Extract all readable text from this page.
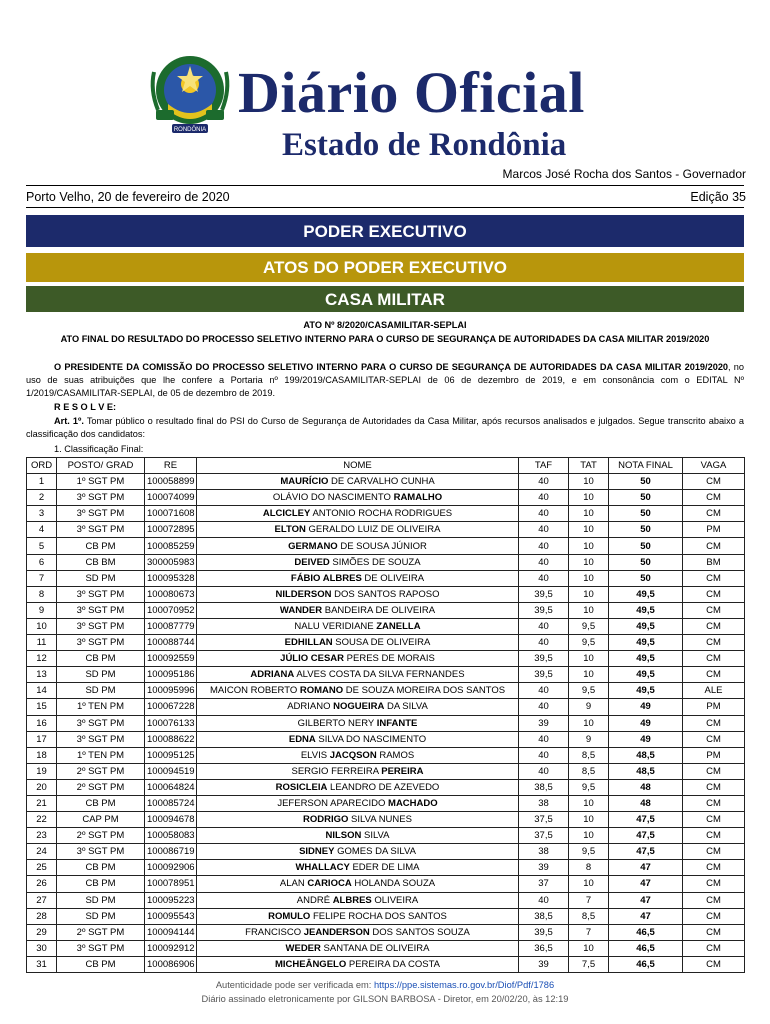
RONDÔNIA
Diário Oficial
Estado de Rondônia
Marcos José Rocha dos Santos - Governador
Porto Velho, 20 de fevereiro de 2020	Edição 35
PODER EXECUTIVO
ATOS DO PODER EXECUTIVO
CASA MILITAR
ATO Nº 8/2020/CASAMILITAR-SEPLAI
ATO FINAL DO RESULTADO DO PROCESSO SELETIVO INTERNO PARA O CURSO DE SEGURANÇA DE AUTORIDADES DA CASA MILITAR 2019/2020
O PRESIDENTE DA COMISSÃO DO PROCESSO SELETIVO INTERNO PARA O CURSO DE SEGURANÇA DE AUTORIDADES DA CASA MILITAR 2019/2020, no uso de suas atribuições que lhe confere a Portaria nº 199/2019/CASAMILITAR-SEPLAI de 06 de dezembro de 2019, e em consonância com o EDITAL Nº 1/2019/CASAMILITAR-SEPLAI, de 05 de dezembro de 2019.
R E S O L V E:
Art. 1º. Tomar público o resultado final do PSI do Curso de Segurança de Autoridades da Casa Militar, após recursos analisados e julgados. Segue transcrito abaixo a classificação dos candidatos:
1. Classificação Final:
ORD	POSTO/ GRAD	RE	NOME	TAF	TAT	NOTA FINAL	VAGA
1	1º SGT PM	100058899	MAURÍCIO DE CARVALHO CUNHA	40	10	50	CM
2	3º SGT PM	100074099	OLÁVIO DO NASCIMENTO RAMALHO	40	10	50	CM
3	3º SGT PM	100071608	ALCICLEY ANTONIO ROCHA RODRIGUES	40	10	50	CM
4	3º SGT PM	100072895	ELTON GERALDO LUIZ DE OLIVEIRA	40	10	50	PM
5	CB PM	100085259	GERMANO DE SOUSA JÚNIOR	40	10	50	CM
6	CB BM	300005983	DEIVED SIMÕES DE SOUZA	40	10	50	BM
7	SD PM	100095328	FÁBIO ALBRES DE OLIVEIRA	40	10	50	CM
8	3º SGT PM	100080673	NILDERSON DOS SANTOS RAPOSO	39,5	10	49,5	CM
9	3º SGT PM	100070952	WANDER BANDEIRA DE OLIVEIRA	39,5	10	49,5	CM
10	3º SGT PM	100087779	NALU VERIDIANE ZANELLA	40	9,5	49,5	CM
11	3º SGT PM	100088744	EDHILLAN SOUSA DE OLIVEIRA	40	9,5	49,5	CM
12	CB PM	100092559	JÚLIO CESAR PERES DE MORAIS	39,5	10	49,5	CM
13	SD PM	100095186	ADRIANA ALVES COSTA DA SILVA FERNANDES	39,5	10	49,5	CM
14	SD PM	100095996	MAICON ROBERTO ROMANO DE SOUZA MOREIRA DOS SANTOS	40	9,5	49,5	ALE
15	1º TEN PM	100067228	ADRIANO NOGUEIRA DA SILVA	40	9	49	PM
16	3º SGT PM	100076133	GILBERTO NERY INFANTE	39	10	49	CM
17	3º SGT PM	100088622	EDNA SILVA DO NASCIMENTO	40	9	49	CM
18	1º TEN PM	100095125	ELVIS JACQSON RAMOS	40	8,5	48,5	PM
19	2º SGT PM	100094519	SERGIO FERREIRA PEREIRA	40	8,5	48,5	CM
20	2º SGT PM	100064824	ROSICLEIA LEANDRO DE AZEVEDO	38,5	9,5	48	CM
21	CB PM	100085724	JEFERSON APARECIDO MACHADO	38	10	48	CM
22	CAP PM	100094678	RODRIGO SILVA NUNES	37,5	10	47,5	CM
23	2º SGT PM	100058083	NILSON SILVA	37,5	10	47,5	CM
24	3º SGT PM	100086719	SIDNEY GOMES DA SILVA	38	9,5	47,5	CM
25	CB PM	100092906	WHALLACY EDER DE LIMA	39	8	47	CM
26	CB PM	100078951	ALAN CARIOCA HOLANDA SOUZA	37	10	47	CM
27	SD PM	100095223	ANDRÉ ALBRES OLIVEIRA	40	7	47	CM
28	SD PM	100095543	ROMULO FELIPE ROCHA DOS SANTOS	38,5	8,5	47	CM
29	2º SGT PM	100094144	FRANCISCO JEANDERSON DOS SANTOS SOUZA	39,5	7	46,5	CM
30	3º SGT PM	100092912	WEDER SANTANA DE OLIVEIRA	36,5	10	46,5	CM
31	CB PM	100086906	MICHEÂNGELO PEREIRA DA COSTA	39	7,5	46,5	CM
Autenticidade pode ser verificada em: https://ppe.sistemas.ro.gov.br/Diof/Pdf/1786
Diário assinado eletronicamente por GILSON BARBOSA - Diretor, em 20/02/20, às 12:19
